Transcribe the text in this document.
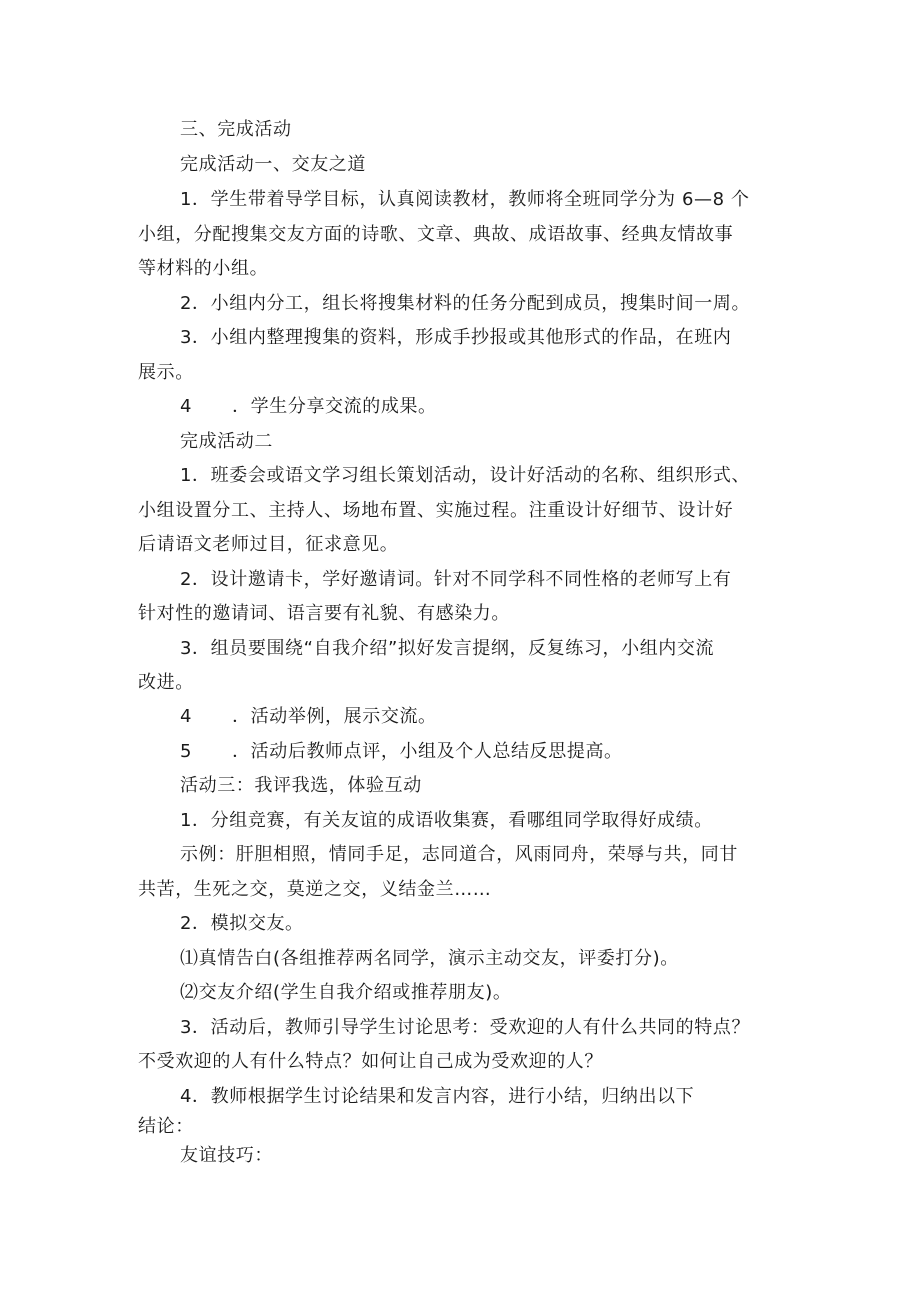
三、完成活动
完成活动一、交友之道
1．学生带着导学目标，认真阅读教材，教师将全班同学分为 6—8 个
小组，分配搜集交友方面的诗歌、文章、典故、成语故事、经典友情故事
等材料的小组。
2．小组内分工，组长将搜集材料的任务分配到成员，搜集时间一周。
3．小组内整理搜集的资料，形成手抄报或其他形式的作品，在班内
展示。
4 ．学生分享交流的成果。
完成活动二
1．班委会或语文学习组长策划活动，设计好活动的名称、组织形式、
小组设置分工、主持人、场地布置、实施过程。注重设计好细节、设计好
后请语文老师过目，征求意见。
2．设计邀请卡，学好邀请词。针对不同学科不同性格的老师写上有
针对性的邀请词、语言要有礼貌、有感染力。
3．组员要围绕“自我介绍”拟好发言提纲，反复练习，小组内交流
改进。
4 ．活动举例，展示交流。
5 ．活动后教师点评，小组及个人总结反思提高。
活动三：我评我选，体验互动
1．分组竞赛，有关友谊的成语收集赛，看哪组同学取得好成绩。
示例：肝胆相照，情同手足，志同道合，风雨同舟，荣辱与共，同甘
共苦，生死之交，莫逆之交，义结金兰……
2．模拟交友。
⑴真情告白(各组推荐两名同学，演示主动交友，评委打分)。
⑵交友介绍(学生自我介绍或推荐朋友)。
3．活动后，教师引导学生讨论思考：受欢迎的人有什么共同的特点？
不受欢迎的人有什么特点？如何让自己成为受欢迎的人？
4．教师根据学生讨论结果和发言内容，进行小结，归纳出以下
结论：
友谊技巧：
